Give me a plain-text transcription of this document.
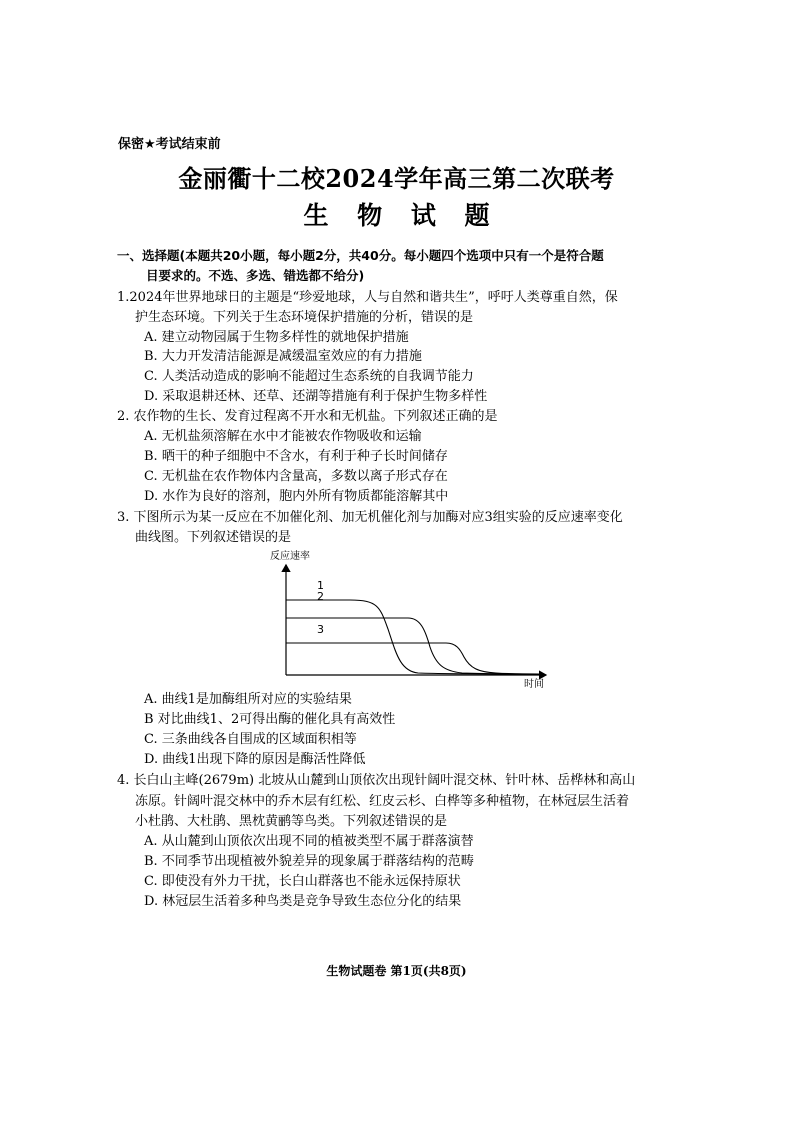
保密★考试结束前
金丽衢十二校2024学年高三第二次联考
生 物 试 题
一、选择题(本题共20小题，每小题2分，共40分。每小题四个选项中只有一个是符合题
目要求的。不选、多选、错选都不给分)
1.2024年世界地球日的主题是“珍爱地球，人与自然和谐共生”，呼吁人类尊重自然，保
护生态环境。下列关于生态环境保护措施的分析，错误的是
A. 建立动物园属于生物多样性的就地保护措施
B. 大力开发清洁能源是减缓温室效应的有力措施
C. 人类活动造成的影响不能超过生态系统的自我调节能力
D. 采取退耕还林、还草、还湖等措施有利于保护生物多样性
2. 农作物的生长、发育过程离不开水和无机盐。下列叙述正确的是
A. 无机盐须溶解在水中才能被农作物吸收和运输
B. 晒干的种子细胞中不含水，有利于种子长时间储存
C. 无机盐在农作物体内含量高，多数以离子形式存在
D. 水作为良好的溶剂，胞内外所有物质都能溶解其中
3. 下图所示为某一反应在不加催化剂、加无机催化剂与加酶对应3组实验的反应速率变化
曲线图。下列叙述错误的是
反应速率
时间
1
2
3
A. 曲线1是加酶组所对应的实验结果
B 对比曲线1、2可得出酶的催化具有高效性
C. 三条曲线各自围成的区域面积相等
D. 曲线1出现下降的原因是酶活性降低
4. 长白山主峰(2679m) 北坡从山麓到山顶依次出现针阔叶混交林、针叶林、岳桦林和高山
冻原。针阔叶混交林中的乔木层有红松、红皮云杉、白桦等多种植物，在林冠层生活着
小杜鹃、大杜鹃、黑枕黄鹂等鸟类。下列叙述错误的是
A. 从山麓到山顶依次出现不同的植被类型不属于群落演替
B. 不同季节出现植被外貌差异的现象属于群落结构的范畴
C. 即使没有外力干扰，长白山群落也不能永远保持原状
D. 林冠层生活着多种鸟类是竞争导致生态位分化的结果
生物试题卷 第1页(共8页)
